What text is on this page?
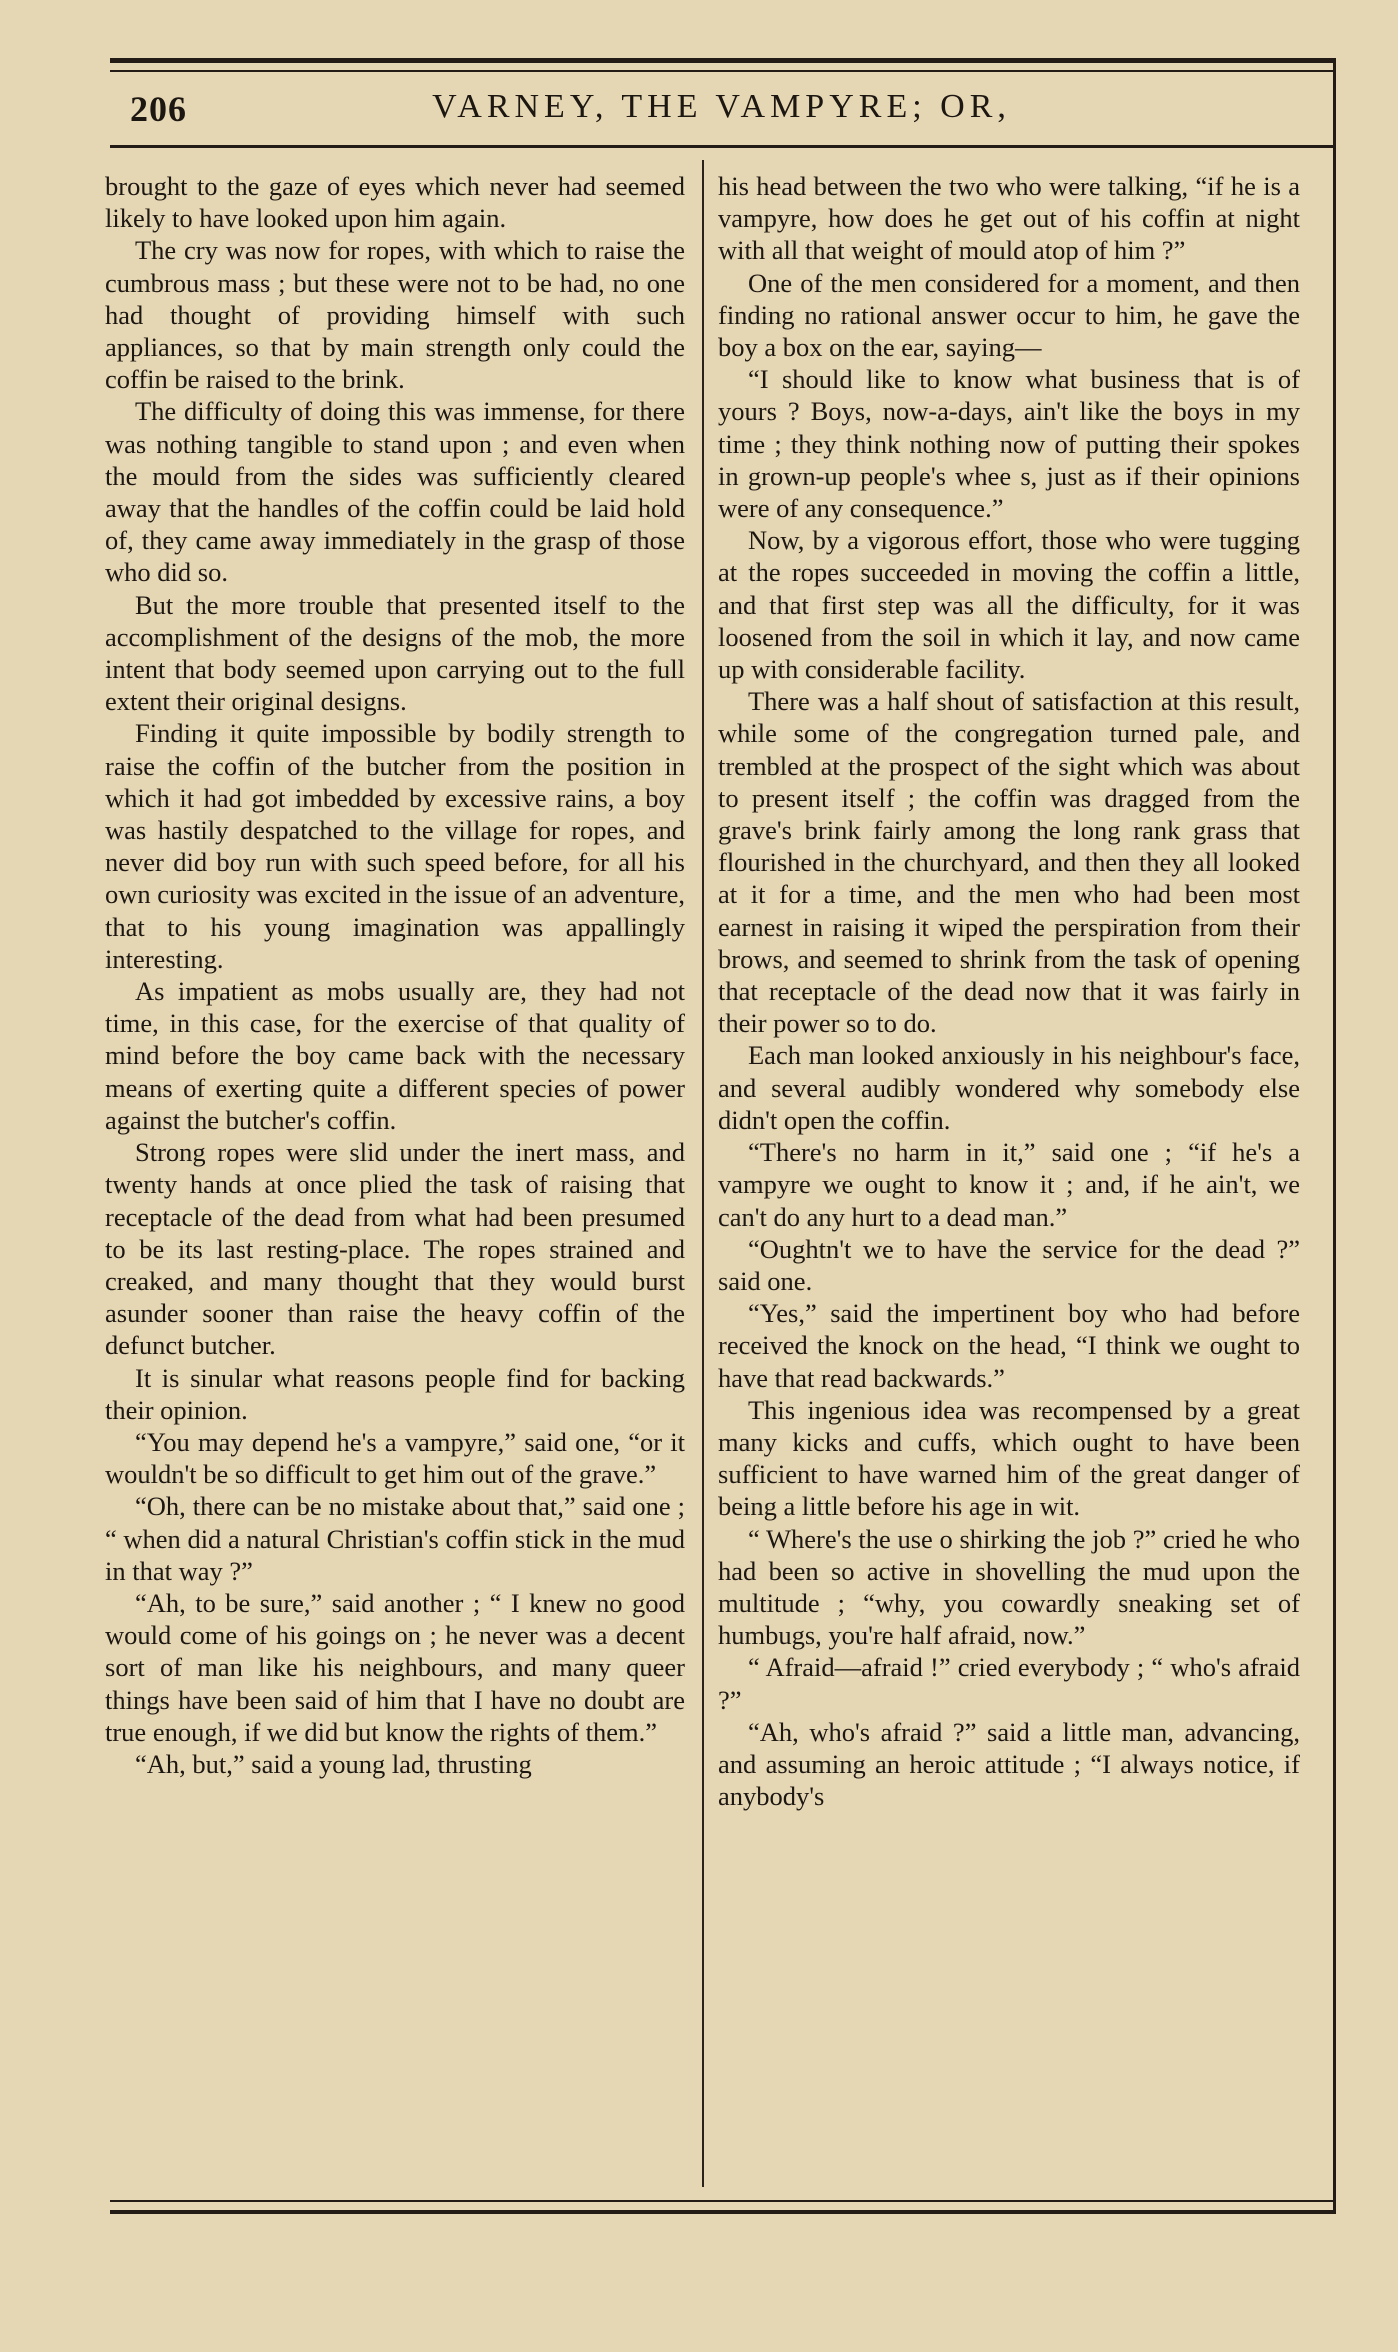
206	VARNEY, THE VAMPYRE; OR,

brought to the gaze of eyes which never had seemed likely to have looked upon him again.

The cry was now for ropes, with which to raise the cumbrous mass ; but these were not to be had, no one had thought of providing himself with such appliances, so that by main strength only could the coffin be raised to the brink.

The difficulty of doing this was immense, for there was nothing tangible to stand upon ; and even when the mould from the sides was sufficiently cleared away that the handles of the coffin could be laid hold of, they came away immediately in the grasp of those who did so.

But the more trouble that presented itself to the accomplishment of the designs of the mob, the more intent that body seemed upon carrying out to the full extent their original designs.

Finding it quite impossible by bodily strength to raise the coffin of the butcher from the position in which it had got imbedded by excessive rains, a boy was hastily despatched to the village for ropes, and never did boy run with such speed before, for all his own curiosity was excited in the issue of an adventure, that to his young imagination was appallingly interesting.

As impatient as mobs usually are, they had not time, in this case, for the exercise of that quality of mind before the boy came back with the necessary means of exerting quite a different species of power against the butcher's coffin.

Strong ropes were slid under the inert mass, and twenty hands at once plied the task of raising that receptacle of the dead from what had been presumed to be its last resting-place. The ropes strained and creaked, and many thought that they would burst asunder sooner than raise the heavy coffin of the defunct butcher.

It is sinular what reasons people find for backing their opinion.

“You may depend he's a vampyre,” said one, “or it wouldn't be so difficult to get him out of the grave.”

“Oh, there can be no mistake about that,” said one ; “ when did a natural Christian's coffin stick in the mud in that way ?”

“Ah, to be sure,” said another ; “ I knew no good would come of his goings on ; he never was a decent sort of man like his neighbours, and many queer things have been said of him that I have no doubt are true enough, if we did but know the rights of them.”

“Ah, but,” said a young lad, thrusting

his head between the two who were talking, “if he is a vampyre, how does he get out of his coffin at night with all that weight of mould atop of him ?”

One of the men considered for a moment, and then finding no rational answer occur to him, he gave the boy a box on the ear, saying—

“I should like to know what business that is of yours ? Boys, now-a-days, ain't like the boys in my time ; they think nothing now of putting their spokes in grown-up people's whee s, just as if their opinions were of any consequence.”

Now, by a vigorous effort, those who were tugging at the ropes succeeded in moving the coffin a little, and that first step was all the difficulty, for it was loosened from the soil in which it lay, and now came up with considerable facility.

There was a half shout of satisfaction at this result, while some of the congregation turned pale, and trembled at the prospect of the sight which was about to present itself ; the coffin was dragged from the grave's brink fairly among the long rank grass that flourished in the churchyard, and then they all looked at it for a time, and the men who had been most earnest in raising it wiped the perspiration from their brows, and seemed to shrink from the task of opening that receptacle of the dead now that it was fairly in their power so to do.

Each man looked anxiously in his neighbour's face, and several audibly wondered why somebody else didn't open the coffin.

“There's no harm in it,” said one ; “if he's a vampyre we ought to know it ; and, if he ain't, we can't do any hurt to a dead man.”

“Oughtn't we to have the service for the dead ?” said one.

“Yes,” said the impertinent boy who had before received the knock on the head, “I think we ought to have that read backwards.”

This ingenious idea was recompensed by a great many kicks and cuffs, which ought to have been sufficient to have warned him of the great danger of being a little before his age in wit.

“ Where's the use o shirking the job ?” cried he who had been so active in shovelling the mud upon the multitude ; “why, you cowardly sneaking set of humbugs, you're half afraid, now.”

“ Afraid—afraid !” cried everybody ; “ who's afraid ?”

“Ah, who's afraid ?” said a little man, advancing, and assuming an heroic attitude ; “I always notice, if anybody's
